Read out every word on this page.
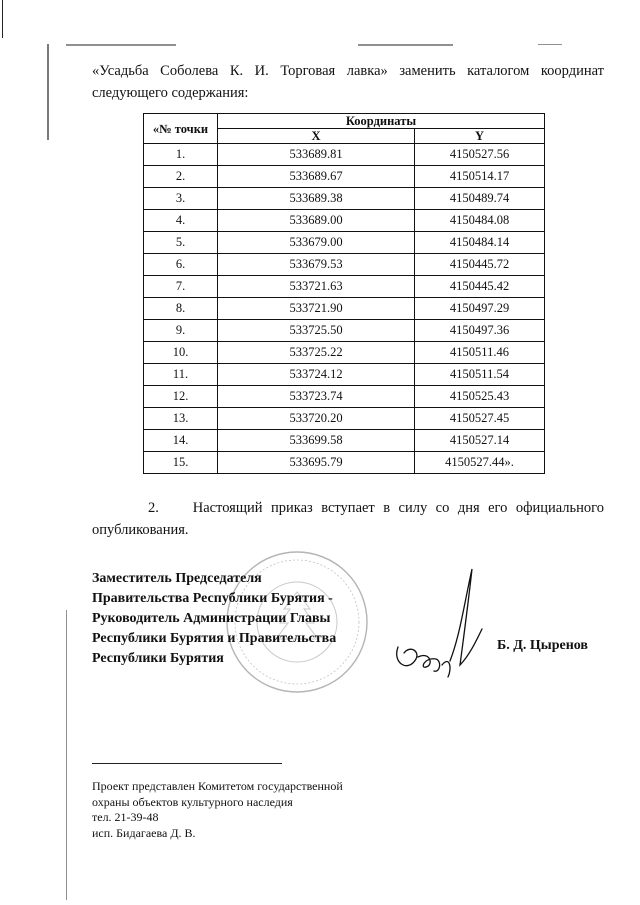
«Усадьба Соболева К. И. Торговая лавка» заменить каталогом координат следующего содержания:
«№ точки	Координаты	
	X	Y
1.	533689.81	4150527.56
2.	533689.67	4150514.17
3.	533689.38	4150489.74
4.	533689.00	4150484.08
5.	533679.00	4150484.14
6.	533679.53	4150445.72
7.	533721.63	4150445.42
8.	533721.90	4150497.29
9.	533725.50	4150497.36
10.	533725.22	4150511.46
11.	533724.12	4150511.54
12.	533723.74	4150525.43
13.	533720.20	4150527.45
14.	533699.58	4150527.14
15.	533695.79	4150527.44».
2. Настоящий приказ вступает в силу со дня его официального опубликования.
Заместитель Председателя
Правительства Республики Бурятия -
Руководитель Администрации Главы
Республики Бурятия и Правительства
Республики Бурятия
Б. Д. Цыренов
Проект представлен Комитетом государственной
охраны объектов культурного наследия
тел. 21-39-48
исп. Бидагаева Д. В.
